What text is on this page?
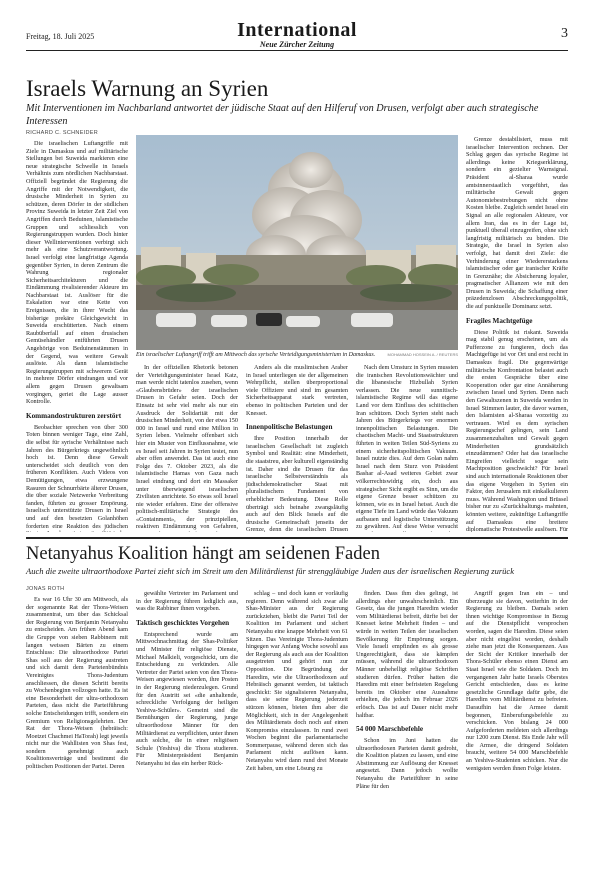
Freitag, 18. Juli 2025	International
Neue Zürcher Zeitung
3
Israels Warnung an Syrien
Mit Interventionen im Nachbarland antwortet der jüdische Staat auf den Hilferuf von Drusen, verfolgt aber auch strategische Interessen
RICHARD C. SCHNEIDER
Die israelischen Luftangriffe mit Ziele in Damaskus und auf militärische Stellungen bei Suweida markieren eine neue strategische Schwelle in Israels Verhältnis zum nördlichen Nachbarstaat. Offiziell begründet die Regierung die Angriffe mit der Notwendigkeit, die drusische Minderheit in Syrien zu schützen, deren Dörfer in der südlichen Provinz Suweida in letzter Zeit Ziel von Angriffen durch Beduinen, islamistische Gruppen und schliesslich von Regierungstruppen wurden. Doch hinter dieser Wellinterventionen verbirgt sich mehr als eine Schutzverantwortung. Israel verfolgt eine langfristige Agenda gegenüber Syrien, in deren Zentrum die Wahrung regionaler Sicherheitsarchitekturen und die Eindämmung rivalisierender Akteure im Nachbarstaat ist. Auslöser für die Eskalation war eine Kette von Ereignissen, die in ihrer Wucht das bisherige prekäre Gleichgewicht in Suweida erschütterten. Nach einem Raubüberfall auf einen drusischen Gemüsehändler entführten Drusen Angehörige von Beduinenstämmen in der Gegend, was weitere Gewalt auslöste. Als dann islamistische Regierungstruppen mit schwerem Gerät in mehrere Dörfer eindrangen und vor allem gegen Drusen gewaltsam vorgingen, geriet die Lage ausser Kontrolle.
Kommandostrukturen zerstört
Beobachter sprechen von über 300 Toten binnen weniger Tage, eine Zahl, die selbst für syrische Verhältnisse nach Jahren des Bürgerkriegs ungewöhnlich hoch ist. Denn diese Gewalt unterscheidet sich deutlich von den früheren Konflikten. Auch Videos von Demütigungen, etwa erzwungene Rasuren der Schnurrbärte älterer Drusen, die über soziale Netzwerke Verbreitung fanden, führten zu grosser Empörung. Israelisch unterstützte Drusen in Israel und auf den besetzten Golanhöhen forderten eine Reaktion des jüdischen
Ein israelischer Luftangriff trifft am Mittwoch das syrische Verteidigungsministerium in Damaskus.	MOHAMMAD HOSSEIN A. / REUTERS
In der offiziellen Rhetorik betonen der Verteidigungsminister Israel Katz, man werde nicht tatenlos zusehen, wenn «Glaubensbrüder» der israelischen Drusen in Gefahr seien. Doch der Einsatz ist sehr viel mehr als nur ein Ausdruck der Solidarität mit der drusischen Minderheit, von der etwa 150 000 in Israel und rund eine Million in Syrien leben. Vielmehr offenbart sich hier ein Muster von Einflussnahme, wie es Israel seit Jahren in Syrien testet, nun aber offen anwendet. Das ist auch eine Folge des 7. Oktober 2023, als die islamistische Hamas von Gaza nach Israel eindrang und dort ein Massaker unter überwiegend israelischen Zivilisten anrichtete. So etwas soll Israel nie wieder erfahren. Eine der offensive politisch-militärische Strategie des «Containment», der prinzipiellen, reaktiven Eindämmung von Gefahren,
Anders als die muslimischen Araber in Israel unterliegen sie der allgemeinen Wehrpflicht, stellen überproportional viele Offiziere und sind im gesamten Sicherheitsapparat stark vertreten, ebenso in politischen Parteien und der Knesset.
Innenpolitische Belastungen
Ihre Position innerhalb der israelischen Gesellschaft ist zugleich Symbol und Realität: eine Minderheit, die staatstreu, aber kulturell eigenständig ist. Daher sind die Drusen für das israelische Selbstverständnis als jüdischdemokratischer Staat mit pluralistischem Fundament von erheblicher Bedeutung. Diese Rolle überträgt sich beinahe zwangsläufig auch auf den Blick Israels auf die drusische Gemeinschaft jenseits der Grenze, denn die israelischen Drusen
Nach dem Umsturz in Syrien mussten die iranischen Revolutionswächter und die libanesische Hizbullah Syrien verlassen. Die neue sunnitisch-islamistische Regime will das eigene Land vor dem Einfluss des schiitischen Iran schützen. Doch Syrien steht nach Jahren des Bürgerkriegs vor enormen innenpolitischen Belastungen. Die chaotischen Macht- und Staatsstrukturen führten in weiten Teilen Süd-Syriens zu einem sicherheitspolitischen Vakuum. Israel nutzte dies. Auf dem Golan nahm Israel nach dem Sturz von Präsident Bashar al-Asad weiteres Gebiet zwar völkerrechtswidrig ein, doch aus strategischer Sicht ergibt es Sinn, um die eigene Grenze besser schützen zu können, wie es in Israel heisst. Auch die eigene Tiefe im Land würde das Vakuum aufbauen und logistische Unterstützung zu gewähren. Auf diese Weise versucht
Grenze destabilisiert, muss mit israelischer Intervention rechnen. Der Schlag gegen das syrische Regime ist allerdings keine Kriegserklärung, sondern ein gezielter Warnsignal. Präsident al-Sharaa wurde amtsinnerstaatlich vorgeführt, das militärische Gewalt gegen Autonomiebestrebungen nicht ohne Kosten bleibe. Zugleich sendet Israel ein Signal an alle regionalen Akteure, vor allem Iran, das es in der Lage ist, punktuell überall einzugreifen, ohne sich langfristig militärisch zu binden. Die Strategie, die Israel in Syrien also verfolgt, hat damit drei Ziele: die Verhinderung einer Wiedererstarkens islamistischer oder gar iranischer Kräfte in Grenznähe; die Absicherung loyaler, pragmatischer Allianzen wie mit den Drusen in Suweida; die Schaffung einer präzedenzlosen Abschreckungspolitik, die auf punktuelle Dominanz setzt.
Fragiles Machtgefüge
Diese Politik ist riskant. Suweida mag stabil genug erscheinen, um als Pufferzone zu fungieren, doch das Machtgefüge ist vor Ort und erst recht in Damaskus fragil. Die gegenwärtige militärische Konfrontation belastet auch die ersten Gespräche über eine Kooperation oder gar eine Annäherung zwischen Israel und Syrien. Denn nach den Gewaltszenen in Suweida werden in Israel Stimmen lauter, die davor warnen, den Islamisten al-Sharaa vorzeitig zu vertrauen. Wird es dem syrischen Regierungschef gelingen, sein Land zusammenzuhalten und Gewalt gegen Minderheiten grundsätzlich einzudämmen? Oder hat das israelische Eingreifen vielleicht sogar sein Machtposition geschwächt? Für Israel sind auch internationale Reaktionen über das eigene Vorgehen in Syrien ein Faktor, den Jerusalem mit einkalkulieren muss. Während Washington und Brüssel bisher nur zu «Zurückhaltung» mahnten, könnten weitere, zukünftige Luftangriffe auf Damaskus eine breitere diplomatische Protestwelle auslösen. Für
Netanyahus Koalition hängt am seidenen Faden
Auch die zweite ultraorthodoxe Partei zieht sich im Streit um den Militärdienst für strenggläubige Juden aus der israelischen Regierung zurück
JONAS ROTH
Es war 16 Uhr 30 am Mittwoch, als der sogenannte Rat der Thora-Weisen zusammentrat, um über das Schicksal der Regierung von Benjamin Netanyahu zu entscheiden. Am frühen Abend kam die Gruppe von sieben Rabbinern mit langen weissen Bärten zu einem Entschluss: Die ultraorthodoxe Partei Shas soll aus der Regierung austreten und sich damit dem Parteienbündnis Vereinigtes Thora-Judentum anschliessen, die diesen Schritt bereits zu Wochenbeginn vollzogen hatte. Es ist eine Besonderheit der ultra-orthodoxen Parteien, dass nicht die Parteiführung solche Entscheidungen trifft, sondern ein Gremium von Religionsgelehrten. Der Rat der Thora-Weisen (hebräisch: Moetzet Chachmei HaTorah) legt jeweils nicht nur die Wahllisten von Shas fest, sondern genehmigt auch Koalitionsverträge und bestimmt die politischen Positionen der Partei. Deren
gewählte Vertreter im Parlament und in der Regierung führen lediglich aus, was die Rabbiner ihnen vorgeben.
Taktisch geschicktes Vorgehen
Entsprechend wurde am Mittwochnachmittag der Shas-Politiker und Minister für religiöse Dienste, Michael Malkieli, vorgeschickt, um die Entscheidung zu verkünden. Alle Vertreter der Partei seien von den Thora-Weisen angewiesen worden, ihre Posten in der Regierung niederzulegen. Grund für den Austritt sei «die anhaltende, schreckliche Verfolgung der heiligen Yeshiva-Schüler». Gemeint sind die Bemühungen der Regierung, junge ultraorthodoxe Männer für den Militärdienst zu verpflichten, unter ihnen auch solche, die in einer religiösen Schule (Yeshiva) die Thora studieren. Für Ministerpräsident Benjamin Netanyahu ist das ein herber Rück-
schlag – und doch kann er vorläufig regieren. Denn während sich zwar alle Shas-Minister aus der Regierung zurückziehen, bleibt die Partei Teil der Koalition im Parlament und sichert Netanyahu eine knappe Mehrheit von 61 Sitzen. Das Vereinigte Thora-Judentum hingegen war Anfang Woche sowohl aus der Regierung als auch aus der Koalition ausgetreten und gehört nun zur Opposition. Die Begründung der Haredim, wie die Ultraorthodoxen auf Hebräisch genannt werden, ist taktisch geschickt: Sie signalisieren Netanyahu, dass sie seine Regierung jederzeit stürzen können, bieten ihm aber die Möglichkeit, sich in der Angelegenheit des Militärdiensts doch noch auf einen Kompromiss einzulassen. In rund zwei Wochen beginnt die parlamentarische Sommerpause, während deren sich das Parlament nicht auflösen kann. Netanyahu wird dann rund drei Monate Zeit haben, um eine Lösung zu
finden. Dass ihm dies gelingt, ist allerdings eher unwahrscheinlich. Ein Gesetz, das die jungen Haredim wieder vom Militärdienst befreit, dürfte bei der Knesset keine Mehrheit finden – und würde in weiten Teilen der israelischen Bevölkerung für Empörung sorgen. Viele Israeli empfinden es als grosse Ungerechtigkeit, dass sie kämpfen müssen, während die ultraorthodoxen Männer unbehelligt religiöse Schriften studieren dürfen. Früher hatten die Haredim mit einer befristeten Regelung bereits im Oktober eine Ausnahme erhielten, die jedoch im Februar 2026 erlösch. Das ist auf Dauer nicht mehr haltbar.
54 000 Marschbefehle
Schon im Juni hatten die ultraorthodoxen Parteien damit gedroht, die Koalition platzen zu lassen, und eine Abstimmung zur Auflösung der Knesset angesetzt. Dann jedoch wollte Netanyahu die Parteiführer in seine Pläne für den
Angriff gegen Iran ein – und überzeugte sie davon, weiterhin in der Regierung zu bleiben. Damals seien ihnen wichtige Kompromisse in Bezug auf die Dienstpflicht versprochen worden, sagen die Haredim. Diese seien aber nicht eingelöst worden, deshalb ziehe man jetzt die Konsequenzen. Aus der Sicht der Kritiker innerhalb der Thora-Schüler ebenso einen Dienst am Staat Israel wie die Soldaten. Doch im vergangenen Jahr hatte Israels Oberstes Gericht entschieden, dass es keine gesetzliche Grundlage dafür gebe, die Haredim vom Militärdienst zu befreien. Daraufhin hat die Armee damit begonnen, Einberufungsbefehle zu verschicken. Von bislang 24 000 Aufgeforderten meldeten sich allerdings nur 1200 zum Dienst. Bis Ende Jahr will die Armee, die dringend Soldaten braucht, weitere 54 000 Marschbefehle an Yeshiva-Studenten schicken. Nur die wenigsten werden ihnen Folge leisten.
